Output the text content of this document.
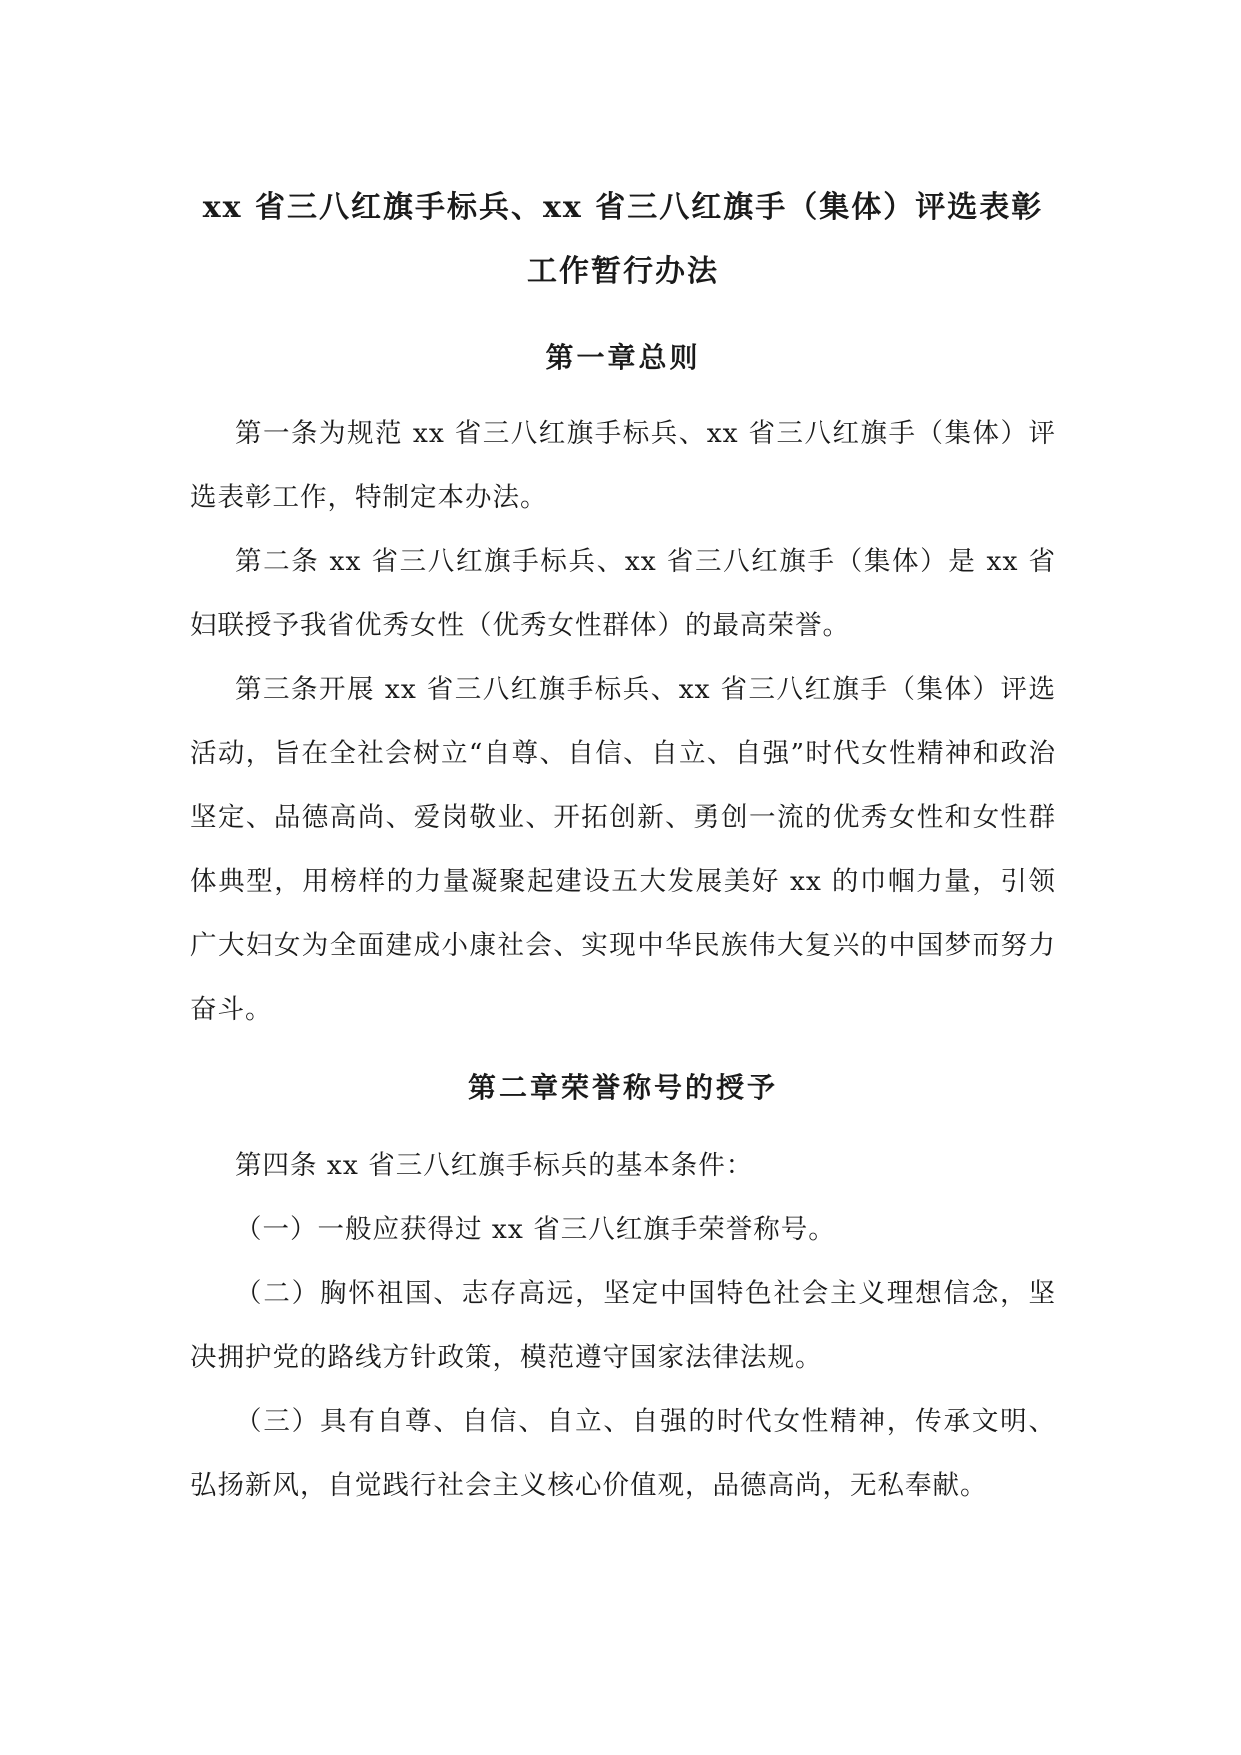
xx 省三八红旗手标兵、xx 省三八红旗手（集体）评选表彰
工作暂行办法
第一章总则

第一条为规范 xx 省三八红旗手标兵、xx 省三八红旗手（集体）评选表彰工作，特制定本办法。

第二条 xx 省三八红旗手标兵、xx 省三八红旗手（集体）是 xx 省妇联授予我省优秀女性（优秀女性群体）的最高荣誉。

第三条开展 xx 省三八红旗手标兵、xx 省三八红旗手（集体）评选活动，旨在全社会树立“自尊、自信、自立、自强”时代女性精神和政治坚定、品德高尚、爱岗敬业、开拓创新、勇创一流的优秀女性和女性群体典型，用榜样的力量凝聚起建设五大发展美好 xx 的巾帼力量，引领广大妇女为全面建成小康社会、实现中华民族伟大复兴的中国梦而努力奋斗。

第二章荣誉称号的授予

第四条 xx 省三八红旗手标兵的基本条件：

（一）一般应获得过 xx 省三八红旗手荣誉称号。

（二）胸怀祖国、志存高远，坚定中国特色社会主义理想信念，坚决拥护党的路线方针政策，模范遵守国家法律法规。

（三）具有自尊、自信、自立、自强的时代女性精神，传承文明、弘扬新风，自觉践行社会主义核心价值观，品德高尚，无私奉献。
